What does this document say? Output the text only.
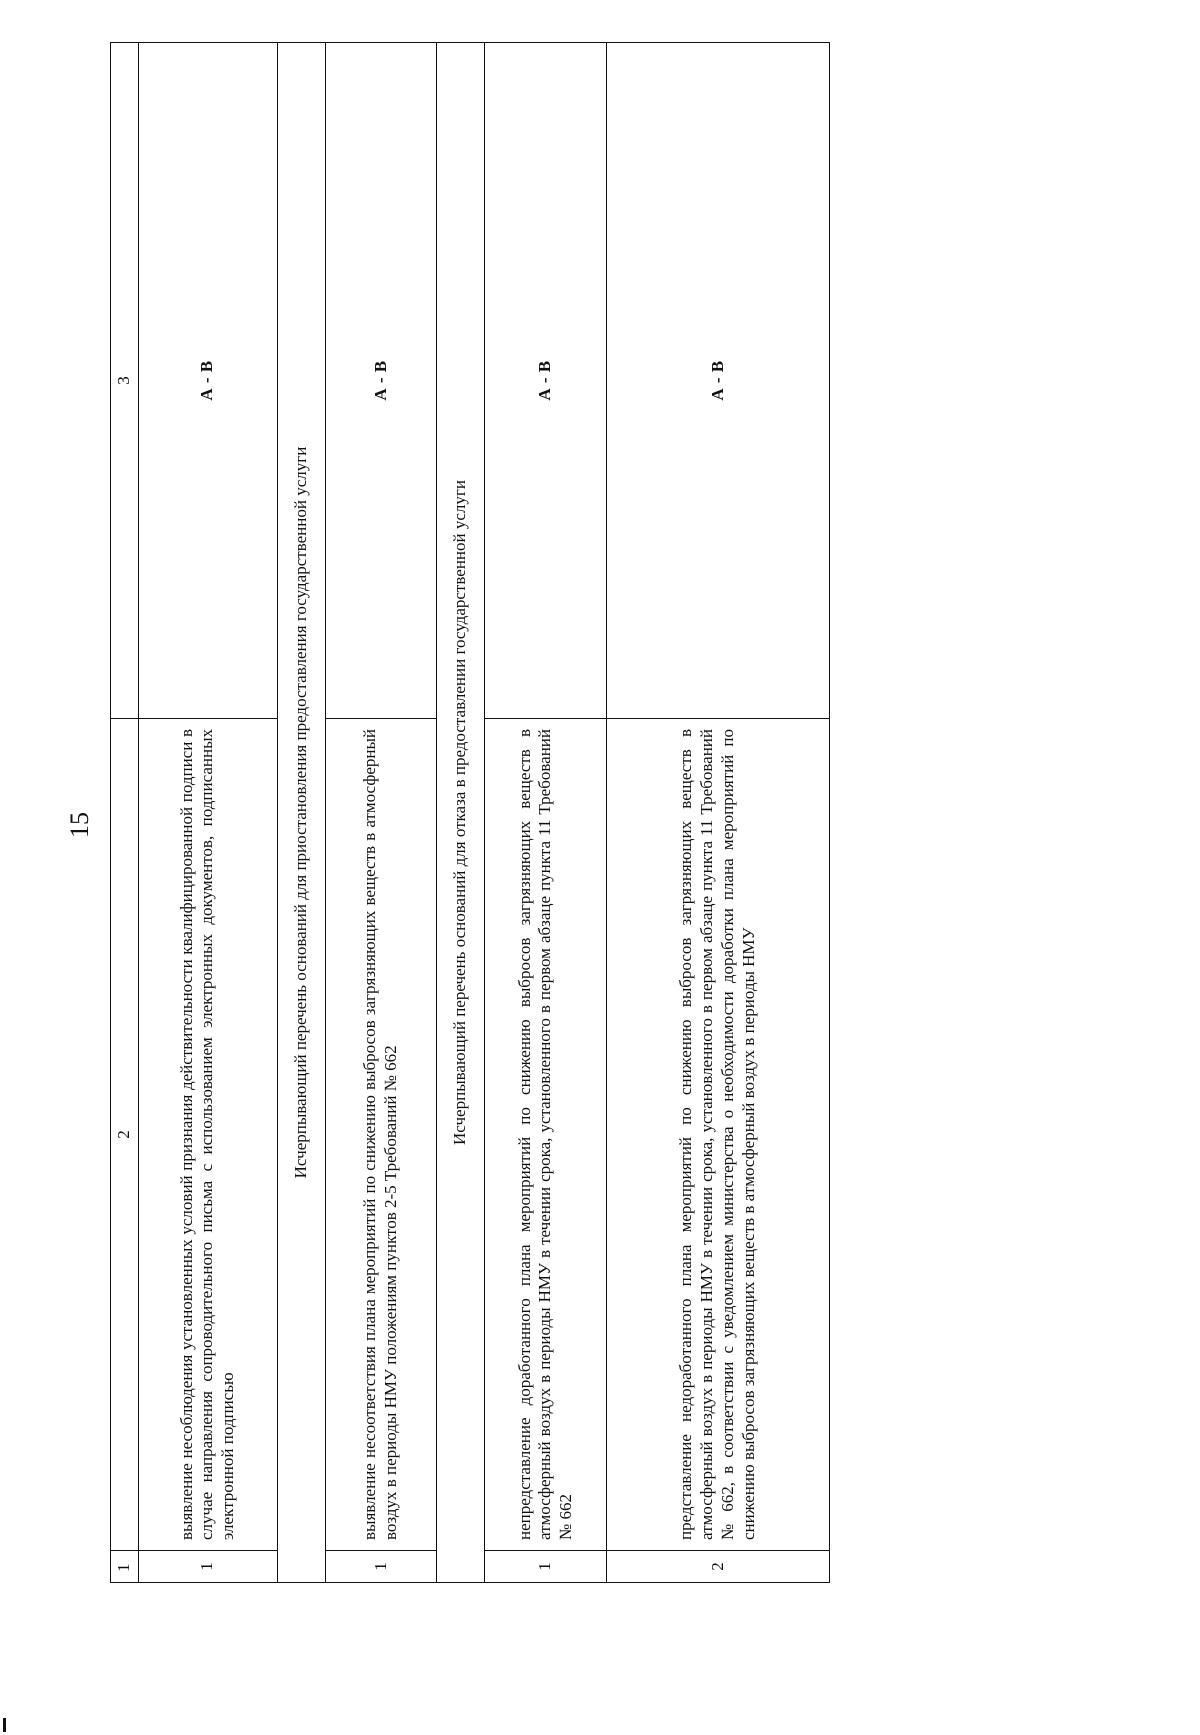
15
1	2	3
1	выявление несоблюдения установленных условий признания действительности квалифицированной подписи в случае направления сопроводительного письма с использованием электронных документов, подписанных электронной подписью	А - В
Исчерпывающий перечень оснований для приостановления предоставления государственной услуги		
1	выявление несоответствия плана мероприятий по снижению выбросов загрязняющих веществ в атмосферный воздух в периоды НМУ положениям пунктов 2-5 Требований № 662	А - В
Исчерпывающий перечень оснований для отказа в предоставлении государственной услуги		
1	непредставление доработанного плана мероприятий по снижению выбросов загрязняющих веществ в атмосферный воздух в периоды НМУ в течении срока, установленного в первом абзаце пункта 11 Требований № 662	А - В
2	представление недоработанного плана мероприятий по снижению выбросов загрязняющих веществ в атмосферный воздух в периоды НМУ в течении срока, установленного в первом абзаце пункта 11 Требований № 662, в соответствии с уведомлением министерства о необходимости доработки плана мероприятий по снижению выбросов загрязняющих веществ в атмосферный воздух в периоды НМУ	А - В
